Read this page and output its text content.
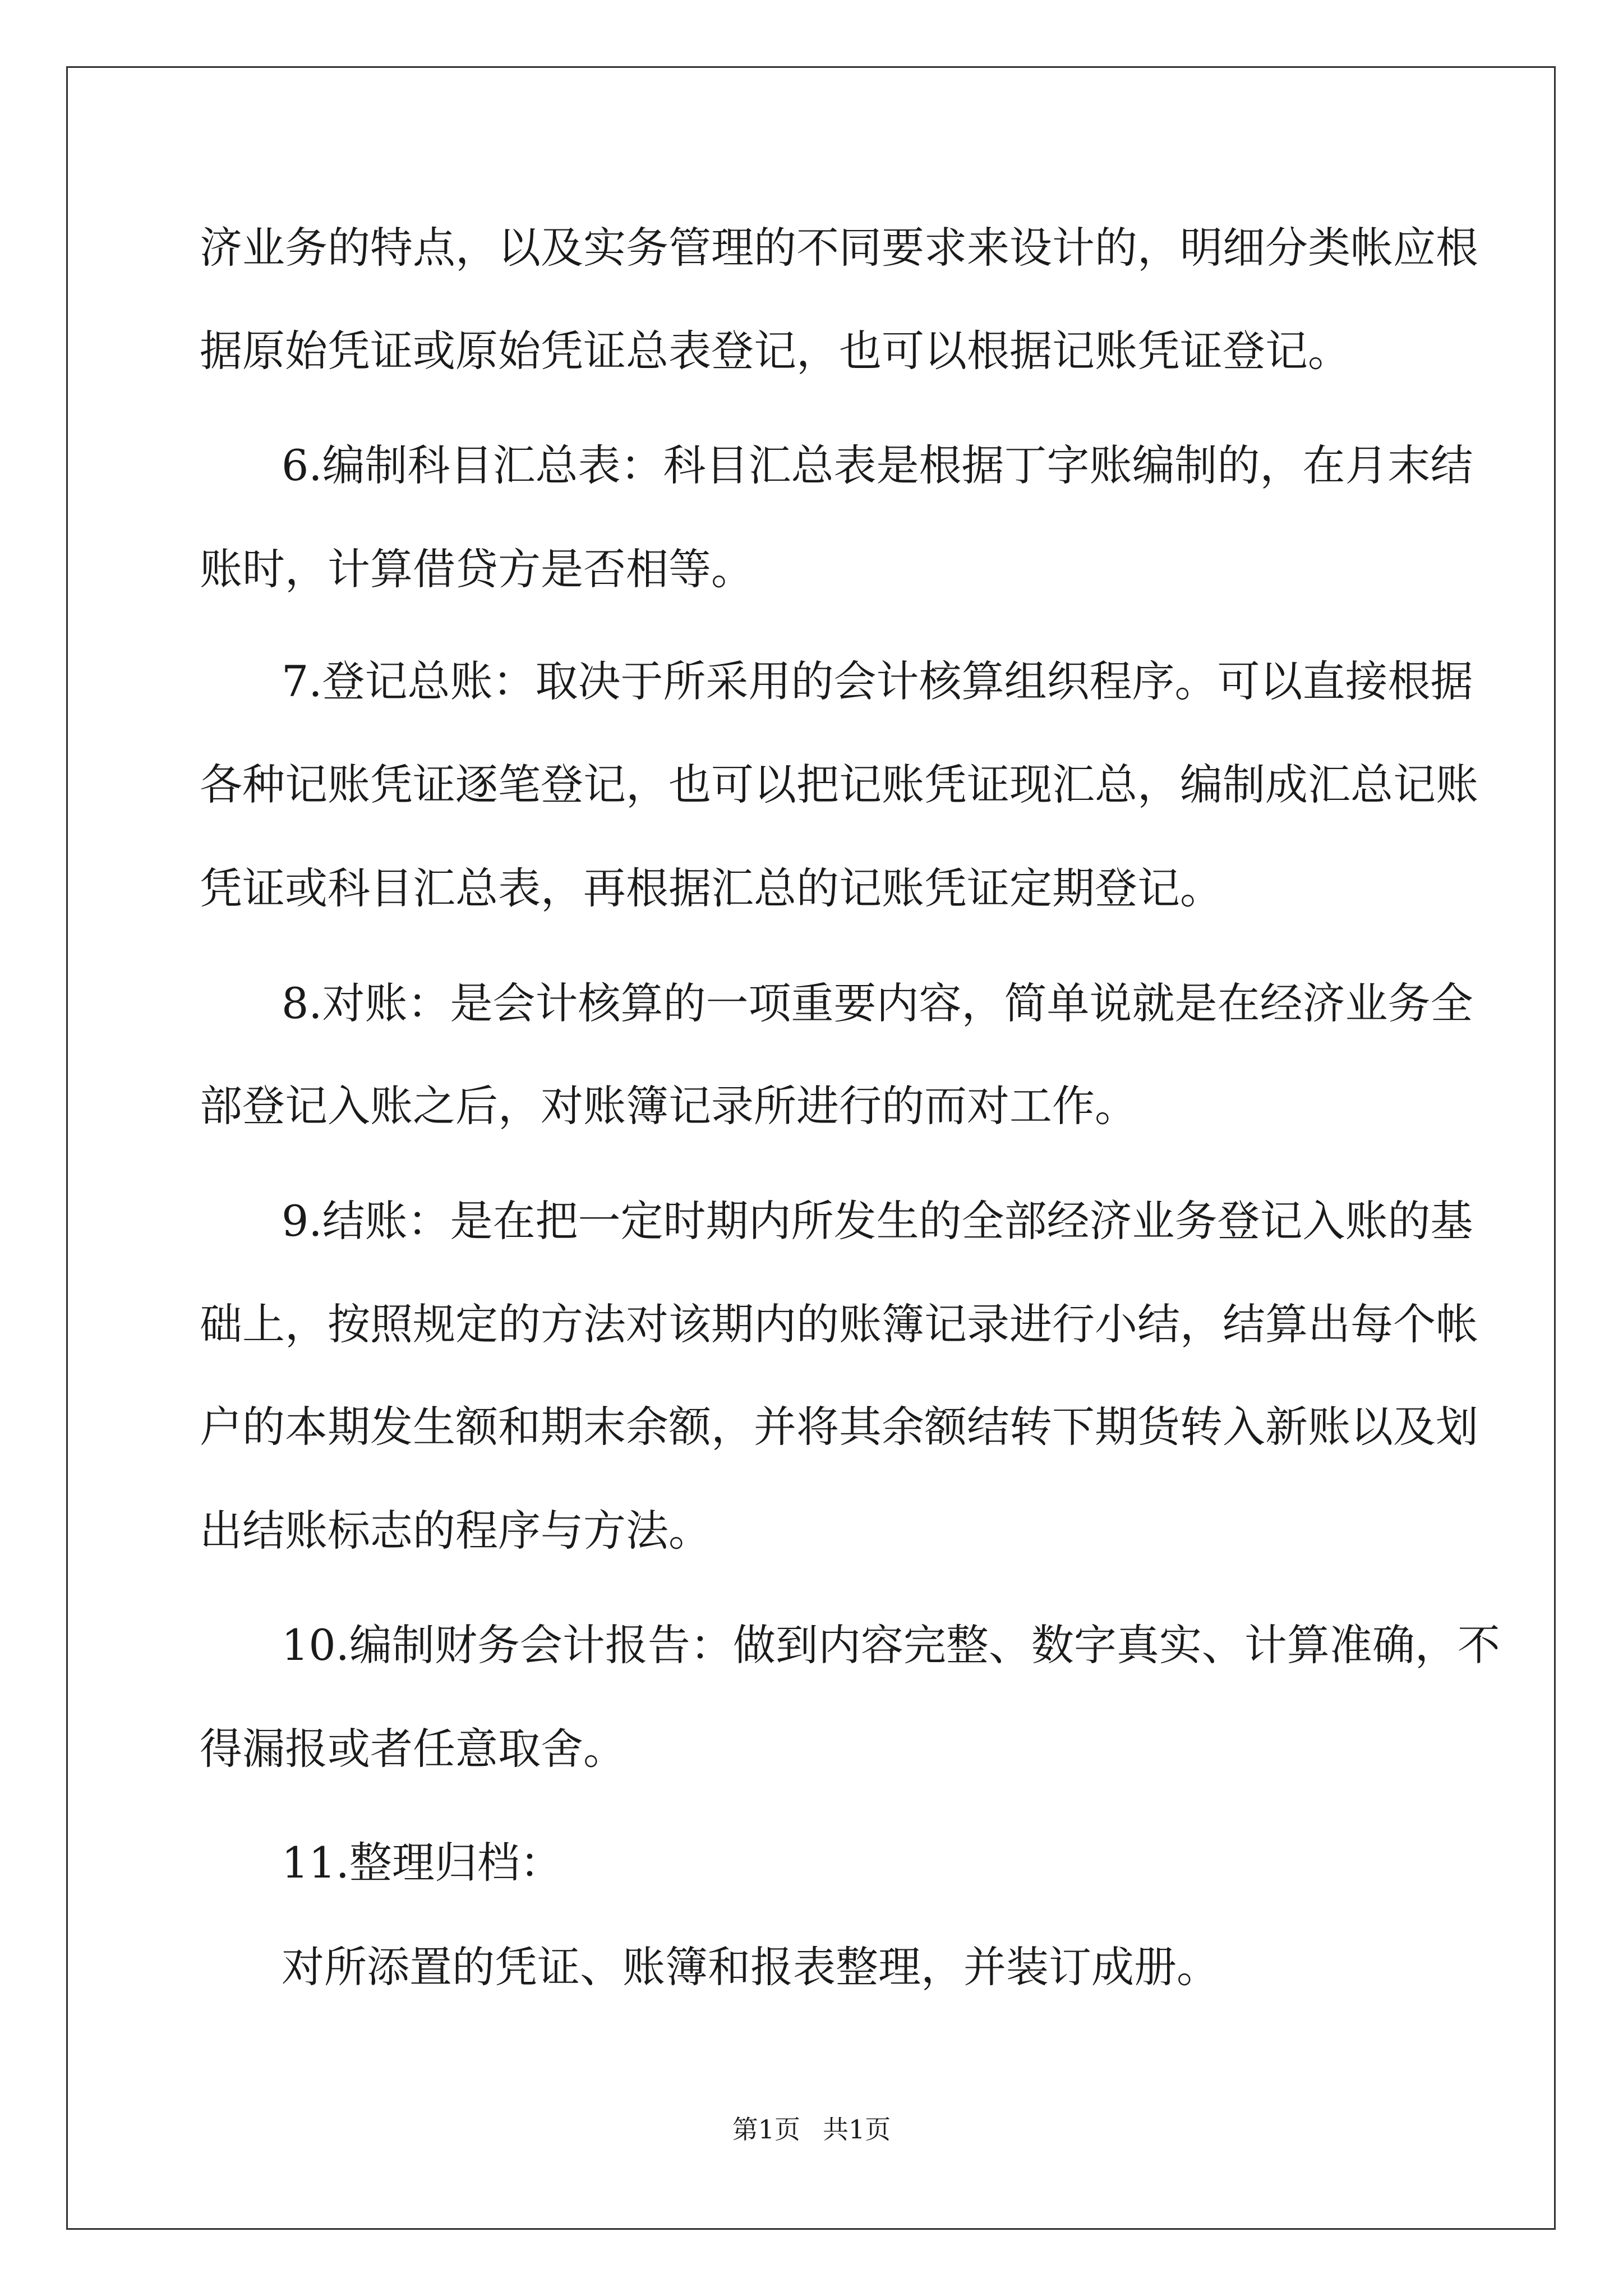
济业务的特点，以及实务管理的不同要求来设计的，明细分类帐应根
据原始凭证或原始凭证总表登记，也可以根据记账凭证登记。
6.编制科目汇总表：科目汇总表是根据丁字账编制的，在月末结
账时，计算借贷方是否相等。
7.登记总账：取决于所采用的会计核算组织程序。可以直接根据
各种记账凭证逐笔登记，也可以把记账凭证现汇总，编制成汇总记账
凭证或科目汇总表，再根据汇总的记账凭证定期登记。
8.对账：是会计核算的一项重要内容，简单说就是在经济业务全
部登记入账之后，对账簿记录所进行的而对工作。
9.结账：是在把一定时期内所发生的全部经济业务登记入账的基
础上，按照规定的方法对该期内的账簿记录进行小结，结算出每个帐
户的本期发生额和期末余额，并将其余额结转下期货转入新账以及划
出结账标志的程序与方法。
10.编制财务会计报告：做到内容完整、数字真实、计算准确，不
得漏报或者任意取舍。
11.整理归档：
对所添置的凭证、账簿和报表整理，并装订成册。
第1页 共1页
